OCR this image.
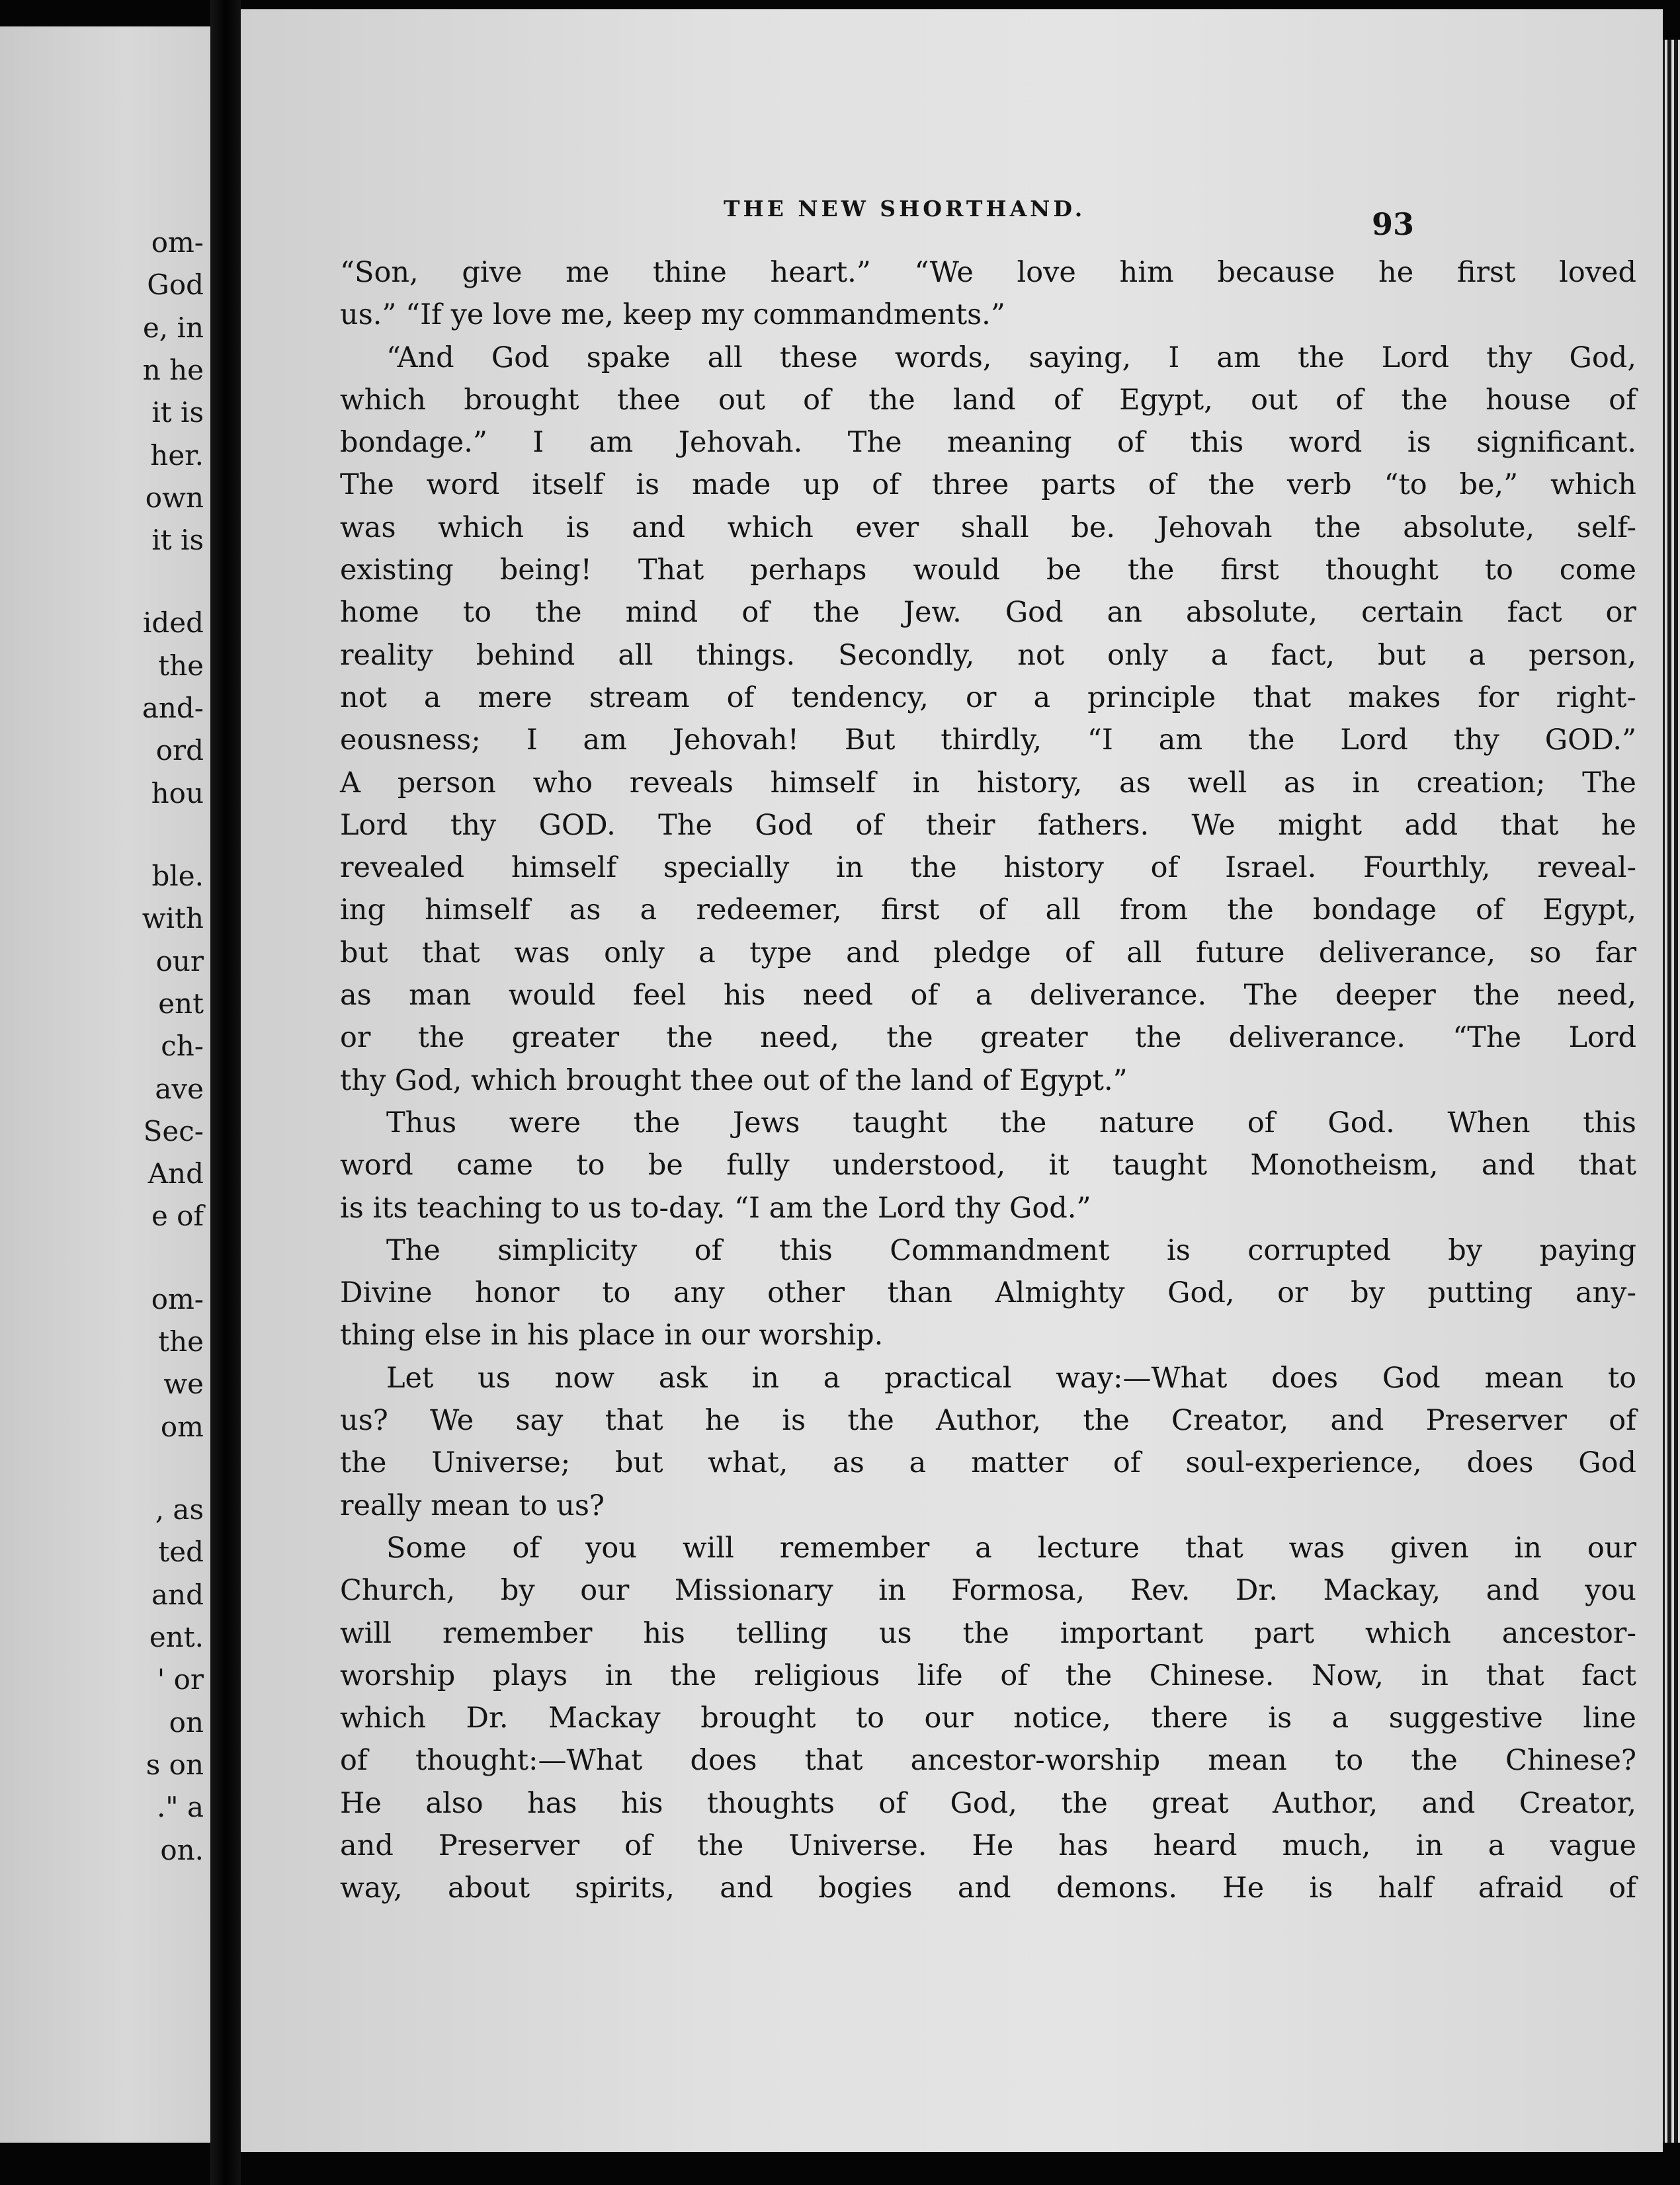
om-
God
e, in
n he
it is
her.
own
it is
ided
the
and-
ord
hou
ble.
with
our
ent
ch-
ave
Sec-
And
e of
om-
the
we
om
, as
ted
and
ent.
' or
on
s on
." a
on.
THE NEW SHORTHAND.	93
“Son, give me thine heart.” “We love him because he first loved
us.” “If ye love me, keep my commandments.”
“And God spake all these words, saying, I am the Lord thy God,
which brought thee out of the land of Egypt, out of the house of
bondage.” I am Jehovah. The meaning of this word is significant.
The word itself is made up of three parts of the verb “to be,” which
was which is and which ever shall be. Jehovah the absolute, self-
existing being! That perhaps would be the first thought to come
home to the mind of the Jew. God an absolute, certain fact or
reality behind all things. Secondly, not only a fact, but a person,
not a mere stream of tendency, or a principle that makes for right-
eousness; I am Jehovah! But thirdly, “I am the Lord thy GOD.”
A person who reveals himself in history, as well as in creation; The
Lord thy GOD. The God of their fathers. We might add that he
revealed himself specially in the history of Israel. Fourthly, reveal-
ing himself as a redeemer, first of all from the bondage of Egypt,
but that was only a type and pledge of all future deliverance, so far
as man would feel his need of a deliverance. The deeper the need,
or the greater the need, the greater the deliverance. “The Lord
thy God, which brought thee out of the land of Egypt.”
Thus were the Jews taught the nature of God. When this
word came to be fully understood, it taught Monotheism, and that
is its teaching to us to-day. “I am the Lord thy God.”
The simplicity of this Commandment is corrupted by paying
Divine honor to any other than Almighty God, or by putting any-
thing else in his place in our worship.
Let us now ask in a practical way:—What does God mean to
us? We say that he is the Author, the Creator, and Preserver of
the Universe; but what, as a matter of soul-experience, does God
really mean to us?
Some of you will remember a lecture that was given in our
Church, by our Missionary in Formosa, Rev. Dr. Mackay, and you
will remember his telling us the important part which ancestor-
worship plays in the religious life of the Chinese. Now, in that fact
which Dr. Mackay brought to our notice, there is a suggestive line
of thought:—What does that ancestor-worship mean to the Chinese?
He also has his thoughts of God, the great Author, and Creator,
and Preserver of the Universe. He has heard much, in a vague
way, about spirits, and bogies and demons. He is half afraid of
